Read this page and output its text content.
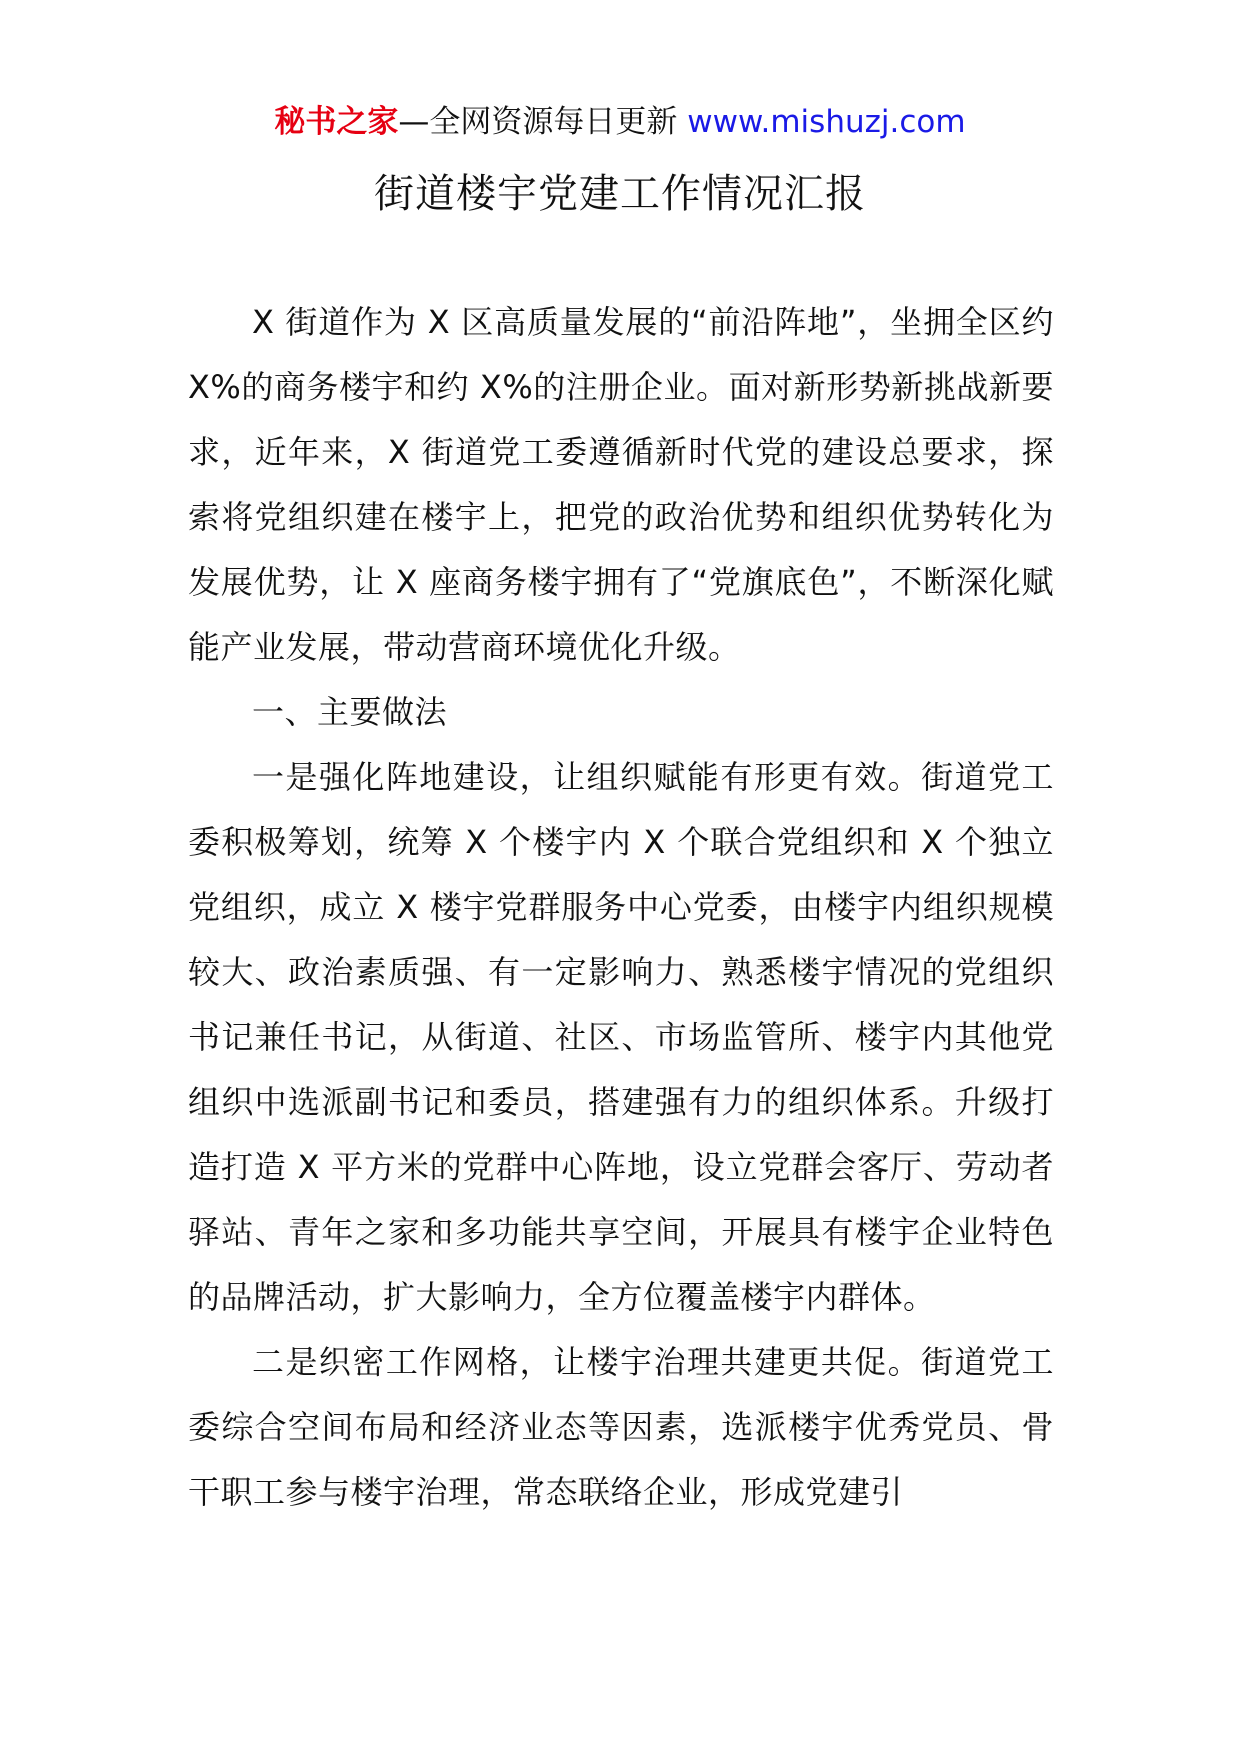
秘书之家—全网资源每日更新 www.mishuzj.com
街道楼宇党建工作情况汇报

X 街道作为 X 区高质量发展的“前沿阵地”，坐拥全区约 X%的商务楼宇和约 X%的注册企业。面对新形势新挑战新要求，近年来，X 街道党工委遵循新时代党的建设总要求，探索将党组织建在楼宇上，把党的政治优势和组织优势转化为发展优势，让 X 座商务楼宇拥有了“党旗底色”，不断深化赋能产业发展，带动营商环境优化升级。

一、主要做法

一是强化阵地建设，让组织赋能有形更有效。街道党工委积极筹划，统筹 X 个楼宇内 X 个联合党组织和 X 个独立党组织，成立 X 楼宇党群服务中心党委，由楼宇内组织规模较大、政治素质强、有一定影响力、熟悉楼宇情况的党组织书记兼任书记，从街道、社区、市场监管所、楼宇内其他党组织中选派副书记和委员，搭建强有力的组织体系。升级打造打造 X 平方米的党群中心阵地，设立党群会客厅、劳动者驿站、青年之家和多功能共享空间，开展具有楼宇企业特色的品牌活动，扩大影响力，全方位覆盖楼宇内群体。

二是织密工作网格，让楼宇治理共建更共促。街道党工委综合空间布局和经济业态等因素，选派楼宇优秀党员、骨干职工参与楼宇治理，常态联络企业，形成党建引
